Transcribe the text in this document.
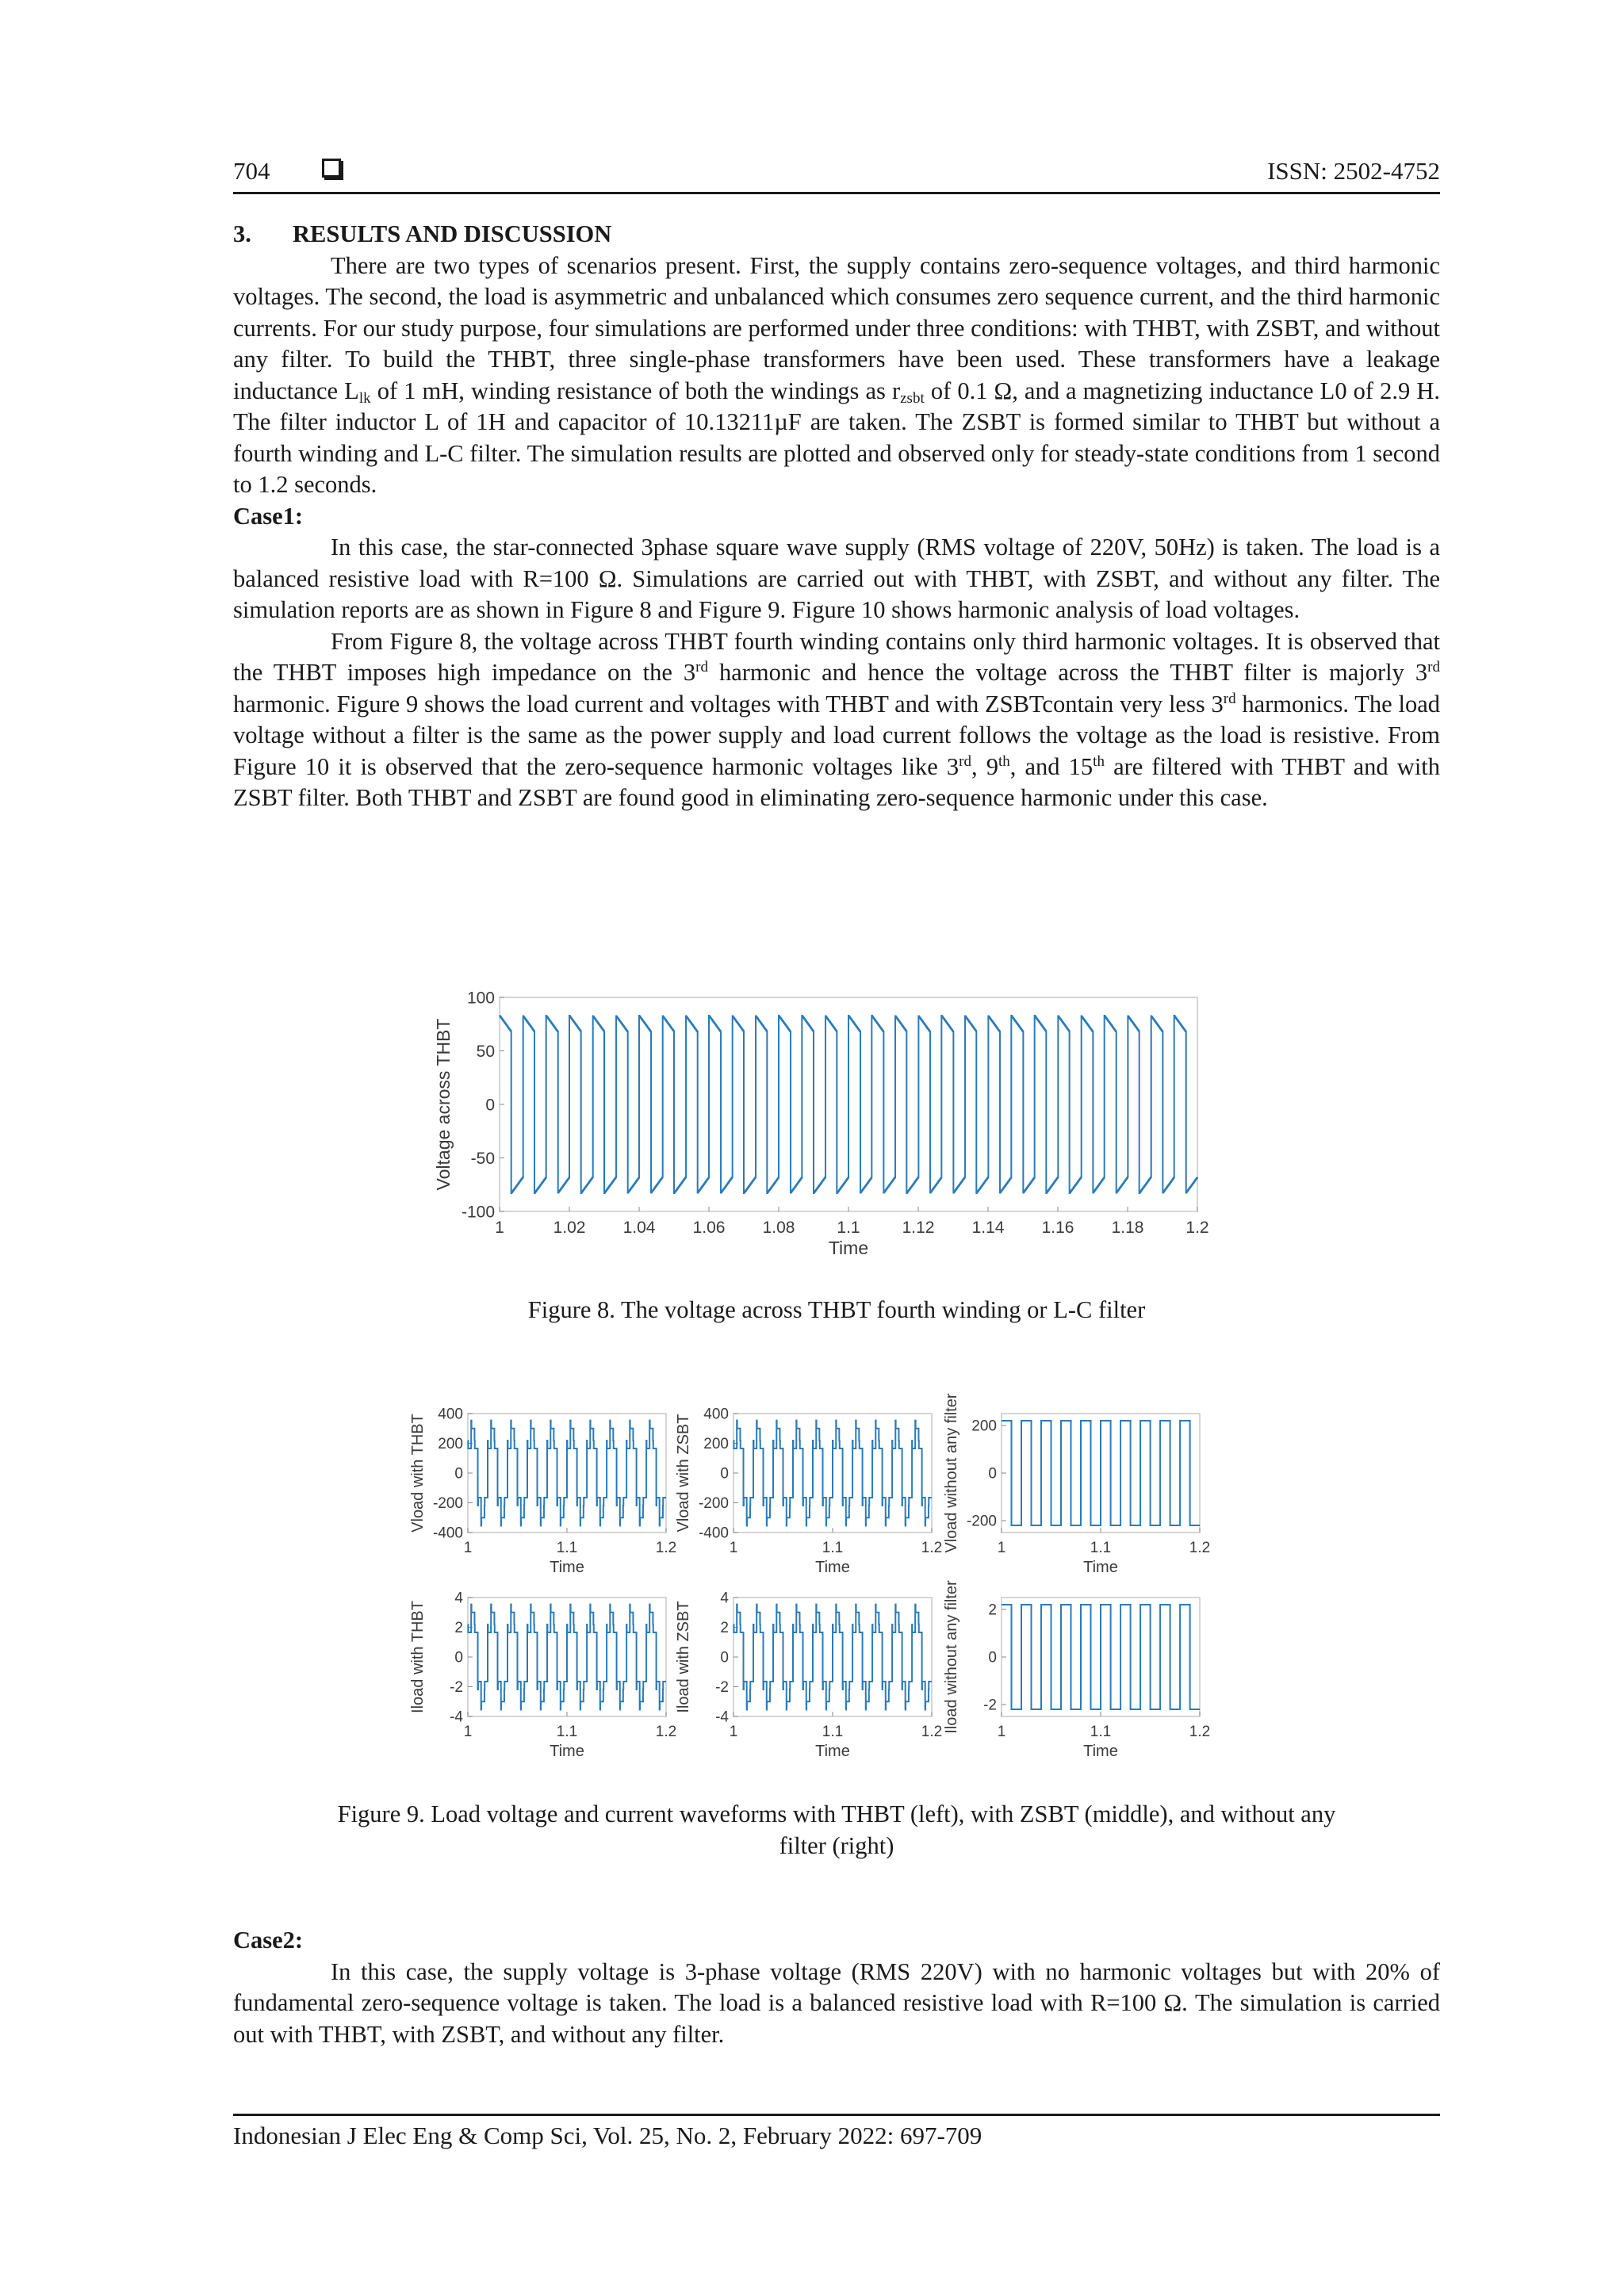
704	ISSN: 2502-4752

3. RESULTS AND DISCUSSION

There are two types of scenarios present. First, the supply contains zero-sequence voltages, and third harmonic voltages. The second, the load is asymmetric and unbalanced which consumes zero sequence current, and the third harmonic currents. For our study purpose, four simulations are performed under three conditions: with THBT, with ZSBT, and without any filter. To build the THBT, three single-phase transformers have been used. These transformers have a leakage inductance $L_{lk}$ of 1 mH, winding resistance of both the windings as $r_{zsbt}$ of 0.1 Ω, and a magnetizing inductance L0 of 2.9 H. The filter inductor L of 1H and capacitor of 10.13211µF are taken. The ZSBT is formed similar to THBT but without a fourth winding and L-C filter. The simulation results are plotted and observed only for steady-state conditions from 1 second to 1.2 seconds.

Case1:

In this case, the star-connected 3phase square wave supply (RMS voltage of 220V, 50Hz) is taken. The load is a balanced resistive load with R=100 Ω. Simulations are carried out with THBT, with ZSBT, and without any filter. The simulation reports are as shown in Figure 8 and Figure 9. Figure 10 shows harmonic analysis of load voltages.

From Figure 8, the voltage across THBT fourth winding contains only third harmonic voltages. It is observed that the THBT imposes high impedance on the 3rd harmonic and hence the voltage across the THBT filter is majorly 3rd harmonic. Figure 9 shows the load current and voltages with THBT and with ZSBTcontain very less 3rd harmonics. The load voltage without a filter is the same as the power supply and load current follows the voltage as the load is resistive. From Figure 10 it is observed that the zero-sequence harmonic voltages like 3rd, 9th, and 15th are filtered with THBT and with ZSBT filter. Both THBT and ZSBT are found good in eliminating zero-sequence harmonic under this case.

100
50
0
-50
-100
1	1.02 1.04 1.06 1.08	1.1	1.12 1.14 1.16 1.18	1.2
Time
Voltage across THBT
Figure 8. The voltage across THBT fourth winding or L-C filter
400
200
0
-200
-400
1	1.1	1.2
Time
Vload with THBT	400
200
0
-200
-400
1	1.1	1.2
Time
Vload with ZSBT	200
0
-200
1	1.1	1.2
Time
Vload without any filter
4
2
0
-2
-4
1	1.1	1.2
Time
Iload with THBT
4
2
0
-2
-4
1	1.1	1.2
Time
Iload with ZSBT	2
0
-2
1	1.1	1.2
Time
Iload without any filter
Figure 9. Load voltage and current waveforms with THBT (left), with ZSBT (middle), and without any
filter (right)

Case2:

In this case, the supply voltage is 3-phase voltage (RMS 220V) with no harmonic voltages but with 20% of fundamental zero-sequence voltage is taken. The load is a balanced resistive load with R=100 Ω. The simulation is carried out with THBT, with ZSBT, and without any filter.

Indonesian J Elec Eng & Comp Sci, Vol. 25, No. 2, February 2022: 697-709
